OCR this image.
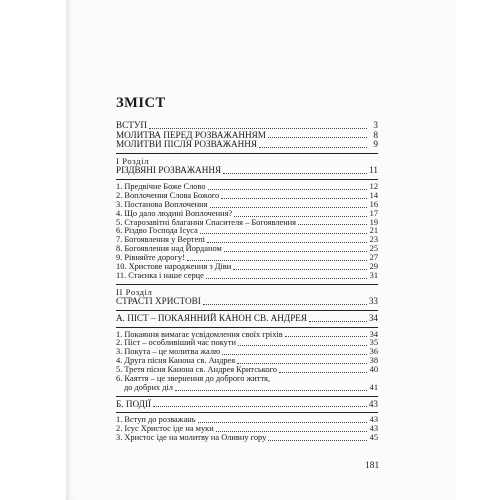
· · · · · · · · · ·
ЗМІСТ
ВСТУП	3
МОЛИТВА ПЕРЕД РОЗВАЖАННЯМ	8
МОЛИТВИ ПІСЛЯ РОЗВАЖАННЯ	9
I Розділ
РІЗДВЯНІ РОЗВАЖАННЯ	11
1. Предвічне Боже Слово	12
2. Воплочення Слова Божого	14
3. Постанова Воплочення	16
4. Що дало людині Воплочення?	17
5. Старозавітні благання Спасителя – Богоявлення	19
6. Різдво Господа Ісуса	21
7. Богоявлення у Вертепі	23
8. Богоявлення над Йорданом	25
9. Рівняйте дорогу!	27
10. Христове народження з Діви	29
11. Стаєнка і наше серце	31
II Розділ
СТРАСТІ ХРИСТОВІ	33
А. ПІСТ – ПОКАЯННИЙ КАНОН СВ. АНДРЕЯ	34
1. Покаяння вимагає усвідомлення своїх гріхів	34
2. Піст – особливіший час покути	35
3. Покута – це молитва жалю	36
4. Друга пісня Канона св. Андрея	38
5. Третя пісня Канона св. Андрея Критського	40
6. Каяття – це звернення до доброго життя,
до добрих діл	41
Б. ПОДІЇ	43
1. Вступ до розважань	43
2. Ісус Христос іде на муки	43
3. Христос іде на молитву на Оливну гору	45
181
